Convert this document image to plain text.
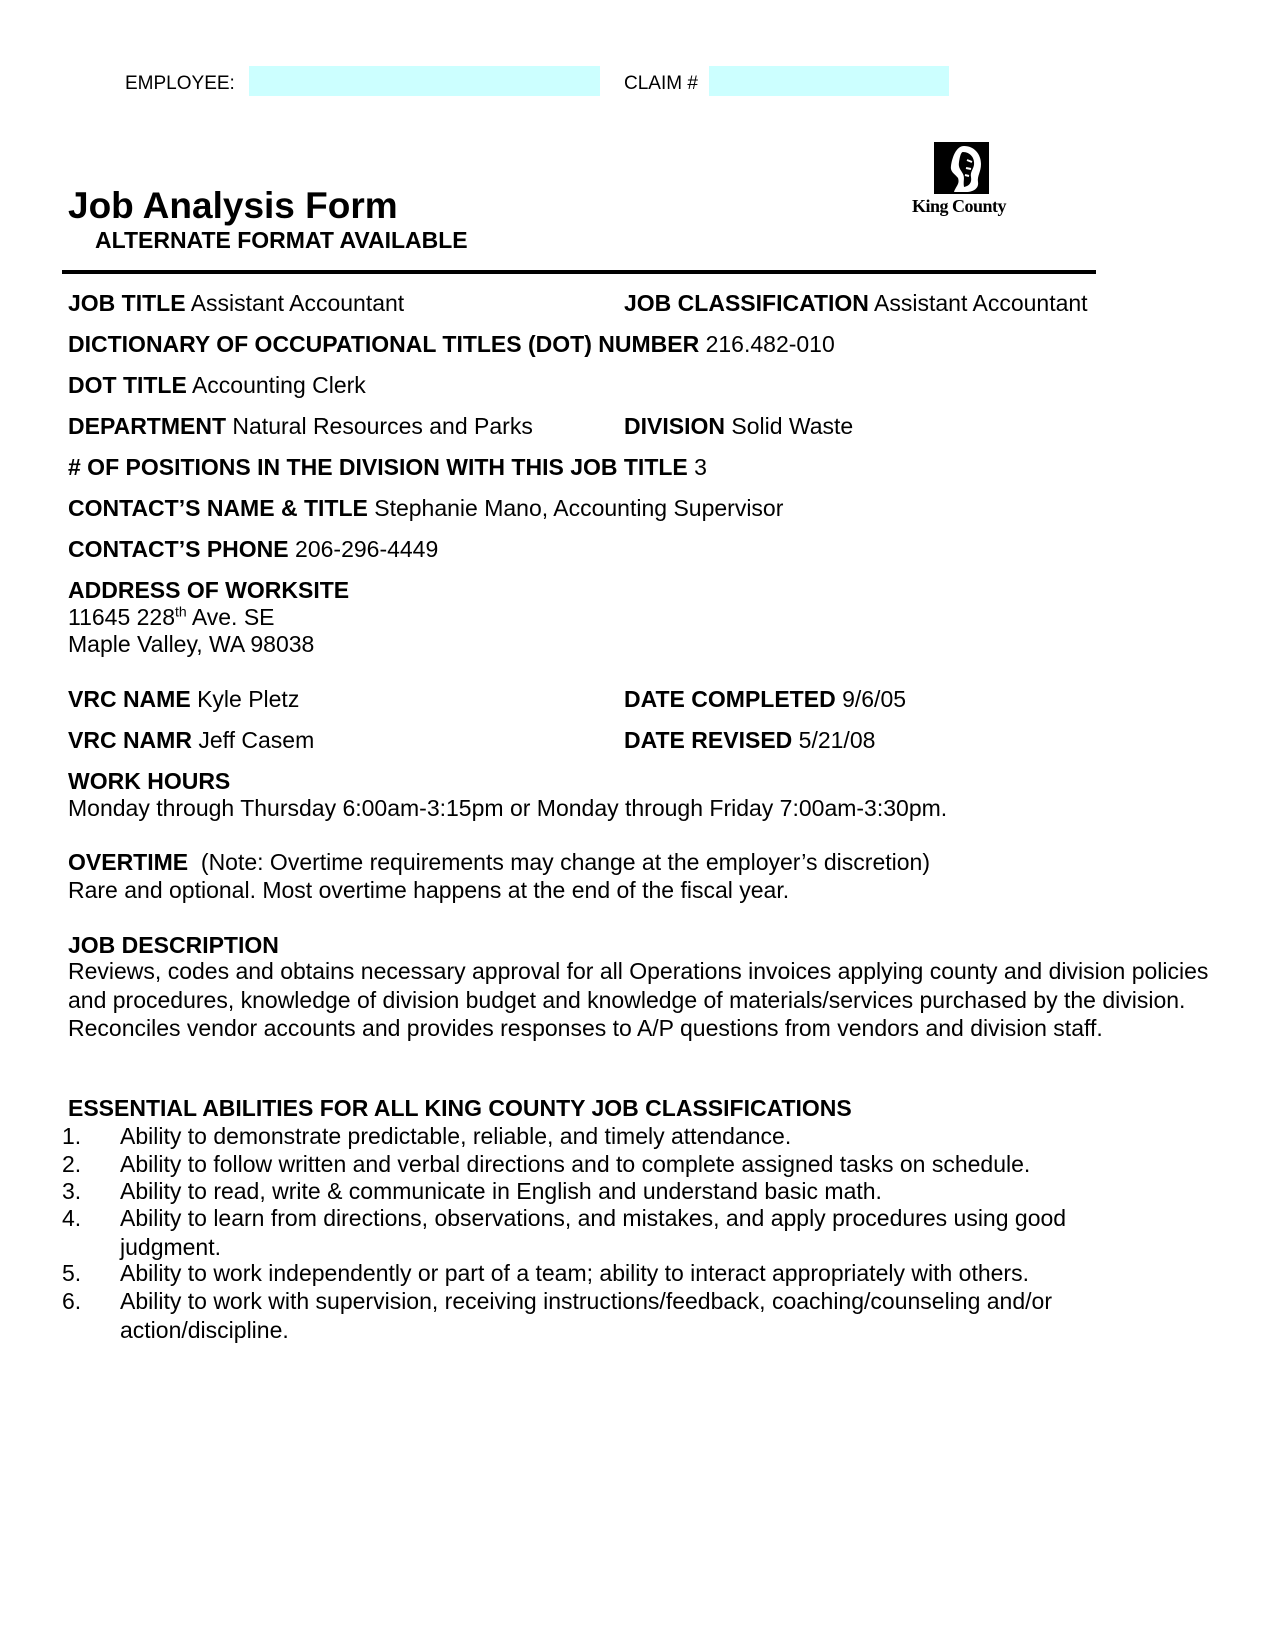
EMPLOYEE:	CLAIM #
King County
Job Analysis Form
ALTERNATE FORMAT AVAILABLE
JOB TITLE Assistant Accountant	JOB CLASSIFICATION Assistant Accountant
DICTIONARY OF OCCUPATIONAL TITLES (DOT) NUMBER 216.482-010
DOT TITLE Accounting Clerk
DEPARTMENT Natural Resources and Parks	DIVISION Solid Waste
# OF POSITIONS IN THE DIVISION WITH THIS JOB TITLE 3
CONTACT’S NAME & TITLE Stephanie Mano, Accounting Supervisor
CONTACT’S PHONE 206-296-4449
ADDRESS OF WORKSITE
11645 228th Ave. SE
Maple Valley, WA 98038
VRC NAME Kyle Pletz	DATE COMPLETED 9/6/05
VRC NAMR Jeff Casem	DATE REVISED 5/21/08
WORK HOURS
Monday through Thursday 6:00am-3:15pm or Monday through Friday 7:00am-3:30pm.
OVERTIME (Note: Overtime requirements may change at the employer’s discretion)
Rare and optional. Most overtime happens at the end of the fiscal year.
JOB DESCRIPTION
Reviews, codes and obtains necessary approval for all Operations invoices applying county and division policies and procedures, knowledge of division budget and knowledge of materials/services purchased by the division. Reconciles vendor accounts and provides responses to A/P questions from vendors and division staff.
ESSENTIAL ABILITIES FOR ALL KING COUNTY JOB CLASSIFICATIONS
1.	Ability to demonstrate predictable, reliable, and timely attendance.
2.	Ability to follow written and verbal directions and to complete assigned tasks on schedule.
3.	Ability to read, write & communicate in English and understand basic math.
4.	Ability to learn from directions, observations, and mistakes, and apply procedures using good judgment.
5.	Ability to work independently or part of a team; ability to interact appropriately with others.
6.	Ability to work with supervision, receiving instructions/feedback, coaching/counseling and/or action/discipline.
